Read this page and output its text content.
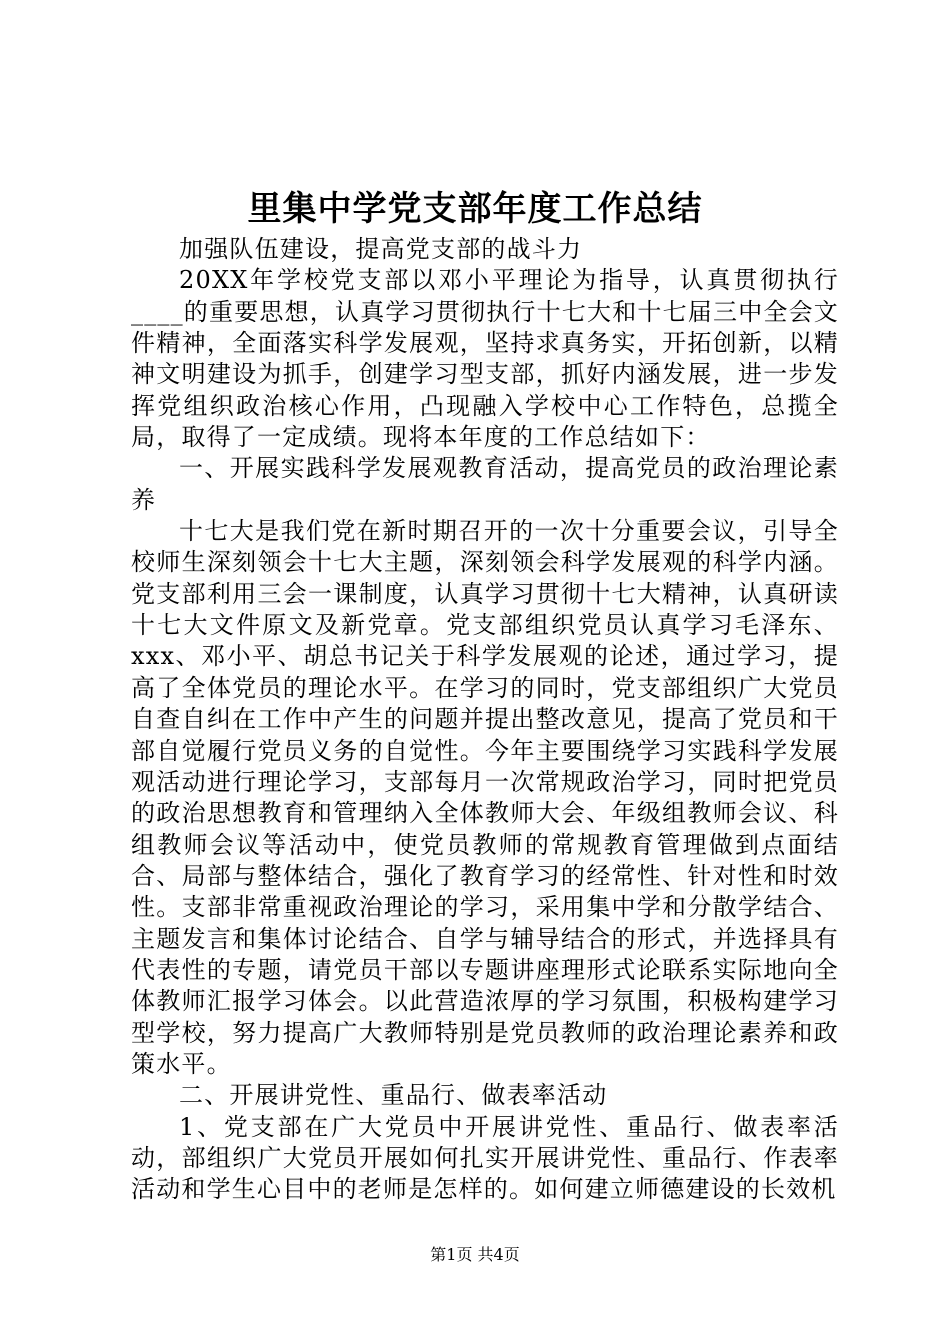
里集中学党支部年度工作总结

加强队伍建设，提高党支部的战斗力

20XX年学校党支部以邓小平理论为指导，认真贯彻执行____的重要思想，认真学习贯彻执行十七大和十七届三中全会文件精神，全面落实科学发展观，坚持求真务实，开拓创新，以精神文明建设为抓手，创建学习型支部，抓好内涵发展，进一步发挥党组织政治核心作用，凸现融入学校中心工作特色，总揽全局，取得了一定成绩。现将本年度的工作总结如下：

一、开展实践科学发展观教育活动，提高党员的政治理论素养

十七大是我们党在新时期召开的一次十分重要会议，引导全校师生深刻领会十七大主题，深刻领会科学发展观的科学内涵。党支部利用三会一课制度，认真学习贯彻十七大精神，认真研读十七大文件原文及新党章。党支部组织党员认真学习毛泽东、xxx、邓小平、胡总书记关于科学发展观的论述，通过学习，提高了全体党员的理论水平。在学习的同时，党支部组织广大党员自查自纠在工作中产生的问题并提出整改意见，提高了党员和干部自觉履行党员义务的自觉性。今年主要围绕学习实践科学发展观活动进行理论学习，支部每月一次常规政治学习，同时把党员的政治思想教育和管理纳入全体教师大会、年级组教师会议、科组教师会议等活动中，使党员教师的常规教育管理做到点面结合、局部与整体结合，强化了教育学习的经常性、针对性和时效性。支部非常重视政治理论的学习，采用集中学和分散学结合、主题发言和集体讨论结合、自学与辅导结合的形式，并选择具有代表性的专题，请党员干部以专题讲座理形式论联系实际地向全体教师汇报学习体会。以此营造浓厚的学习氛围，积极构建学习型学校，努力提高广大教师特别是党员教师的政治理论素养和政策水平。

二、开展讲党性、重品行、做表率活动

1、党支部在广大党员中开展讲党性、重品行、做表率活动，部组织广大党员开展如何扎实开展讲党性、重品行、作表率活动和学生心目中的老师是怎样的。如何建立师德建设的长效机

第1页 共4页
